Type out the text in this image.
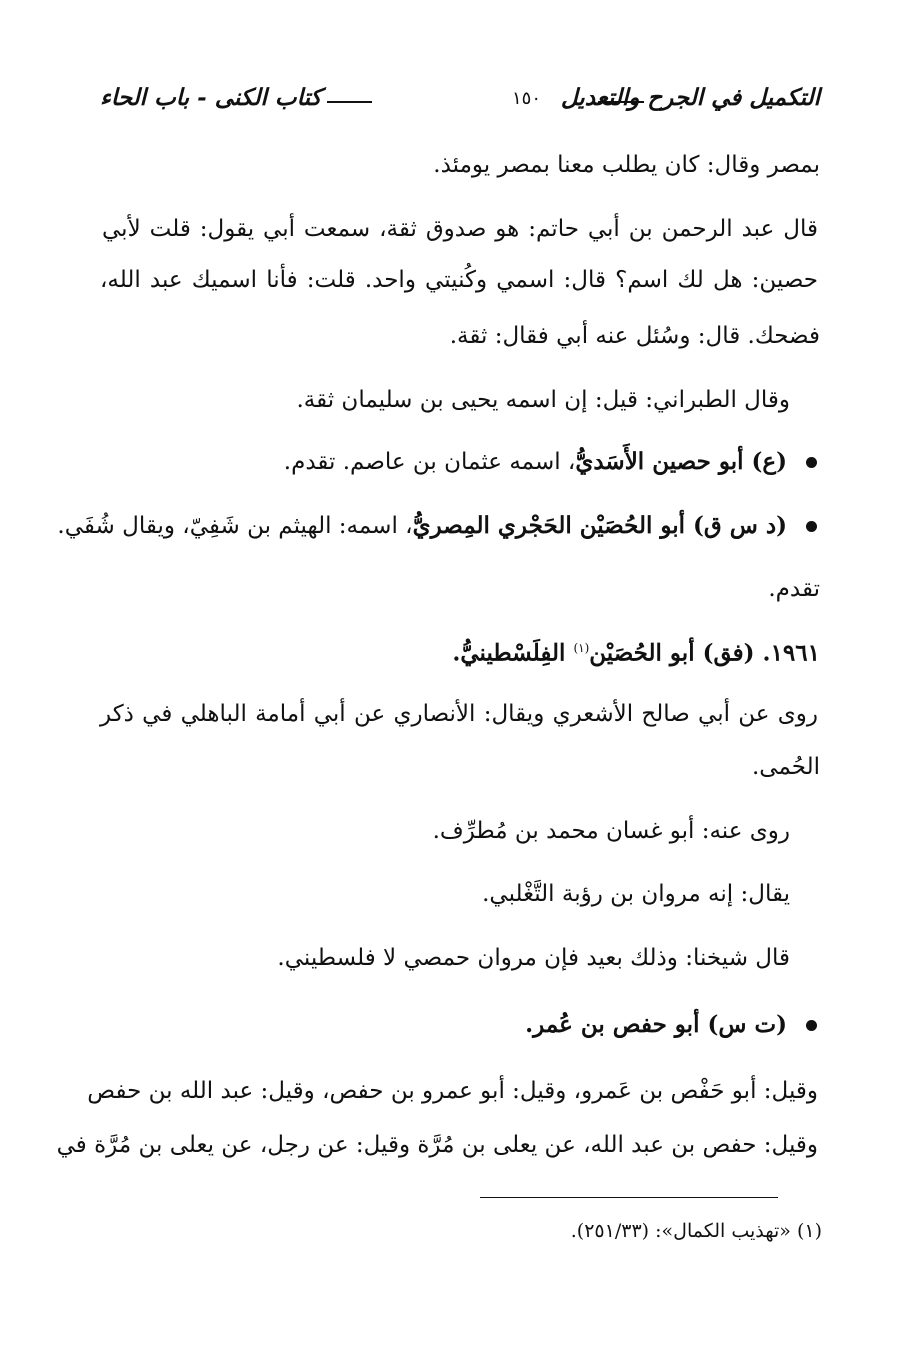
كتاب الكنى - باب الحاء	١٥٠ التكميل في الجرح والتعديل
بمصر وقال: كان يطلب معنا بمصر يومئذ.
قال عبد الرحمن بن أبي حاتم: هو صدوق ثقة، سمعت أبي يقول: قلت لأبي
حصين: هل لك اسم؟ قال: اسمي وكُنيتي واحد. قلت: فأنا اسميك عبد الله،
فضحك. قال: وسُئل عنه أبي فقال: ثقة.
وقال الطبراني: قيل: إن اسمه يحيى بن سليمان ثقة.
(ع) أبو حصين الأَسَديُّ، اسمه عثمان بن عاصم. تقدم.
(د س ق) أبو الحُصَيْن الحَجْري المِصريُّ، اسمه: الهيثم بن شَفِيّ، ويقال شُفَي.
تقدم.
١٩٦١. (فق) أبو الحُصَيْن$^{(١)}$ الفِلَسْطينيُّ.
روى عن أبي صالح الأشعري ويقال: الأنصاري عن أبي أمامة الباهلي في ذكر
الحُمى.
روى عنه: أبو غسان محمد بن مُطرِّف.
يقال: إنه مروان بن رؤبة التَّغْلبي.
قال شيخنا: وذلك بعيد فإن مروان حمصي لا فلسطيني.
(ت س) أبو حفص بن عُمر.
وقيل: أبو حَفْص بن عَمرو، وقيل: أبو عمرو بن حفص، وقيل: عبد الله بن حفص
وقيل: حفص بن عبد الله، عن يعلى بن مُرَّة وقيل: عن رجل، عن يعلى بن مُرَّة في
(١) «تهذيب الكمال»: (٢٥١/٣٣).
